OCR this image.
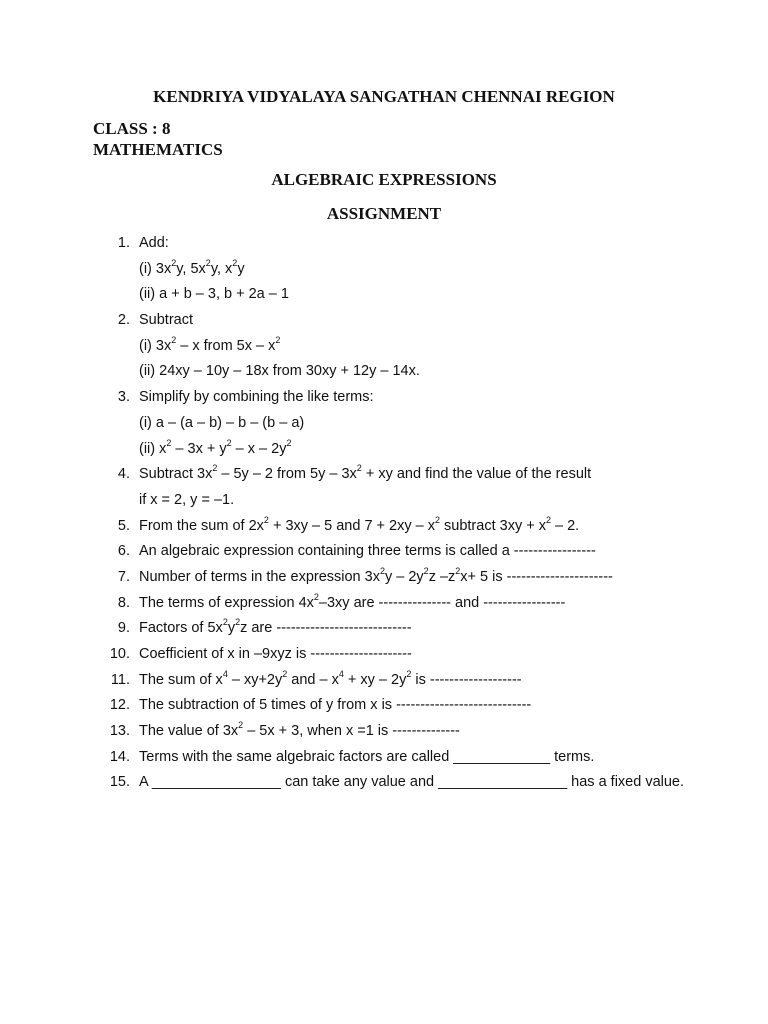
KENDRIYA VIDYALAYA SANGATHAN CHENNAI REGION
CLASS : 8
MATHEMATICS
ALGEBRAIC EXPRESSIONS
ASSIGNMENT
1. Add:
(i) $3x^2y$, $5x^2y$, $x^2y$
(ii) a + b – 3, b + 2a – 1
2. Subtract
(i) $3x^2$ – x from $5x - x^2$
(ii) 24xy – 10y – 18x from 30xy + 12y – 14x.
3. Simplify by combining the like terms:
(i) a – (a – b) – b – (b – a)
(ii) $x^2 - 3x + y^2 - x - 2y^2$
4. Subtract $3x^2 - 5y - 2$ from $5y - 3x^2$ + xy and find the value of the result
if x = 2, y = –1.
5. From the sum of $2x^2 + 3xy - 5$ and $7 + 2xy - x^2$ subtract $3xy + x^2 - 2$.
6. An algebraic expression containing three terms is called a -----------------
7. Number of terms in the expression $3x^2y - 2y^2z$ $-z^2x+ 5$ is ----------------------
8. The terms of expression $4x^2-3xy$ are --------------- and -----------------
9. Factors of $5x^2y^2z$ are ----------------------------
10. Coefficient of x in –9xyz is ---------------------
11. The sum of $x^4 - xy+2y^2$ and – $x^4$ + xy – $2y^2$ is -------------------
12. The subtraction of 5 times of y from x is ----------------------------
13. The value of $3x^2 - 5x + 3$, when x =1 is --------------
14. Terms with the same algebraic factors are called ____________ terms.
15. A ________________ can take any value and ________________ has a fixed value.
